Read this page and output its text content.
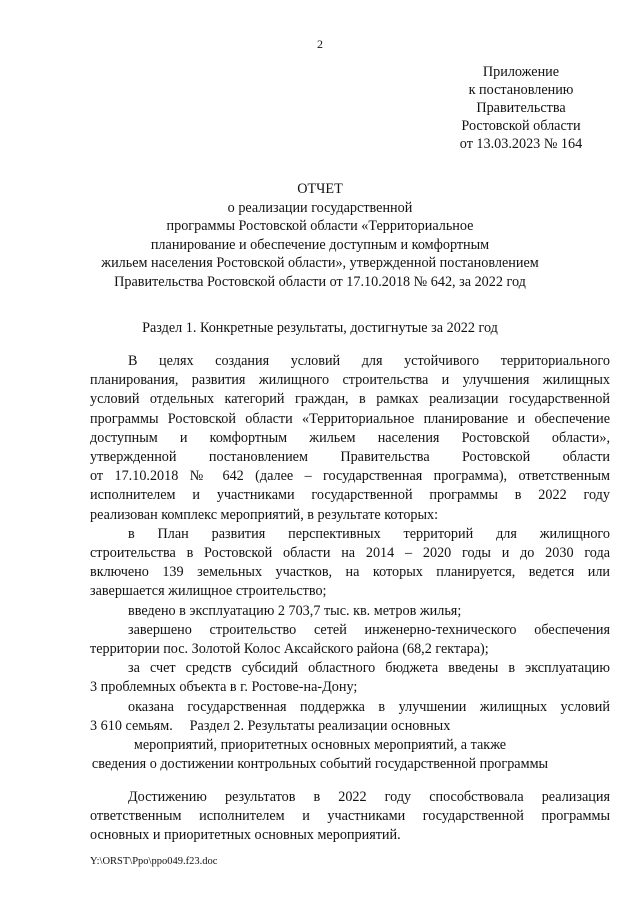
2
Приложение
к постановлению
Правительства
Ростовской области
от 13.03.2023 № 164
ОТЧЕТ
о реализации государственной
программы Ростовской области «Территориальное
планирование и обеспечение доступным и комфортным
жильем населения Ростовской области», утвержденной постановлением
Правительства Ростовской области от 17.10.2018 № 642, за 2022 год
Раздел 1. Конкретные результаты, достигнутые за 2022 год
В целях создания условий для устойчивого территориального
планирования, развития жилищного строительства и улучшения жилищных
условий отдельных категорий граждан, в рамках реализации государственной
программы Ростовской области «Территориальное планирование и обеспечение
доступным и комфортным жильем населения Ростовской области»,
утвержденной постановлением Правительства Ростовской области
от 17.10.2018 № 642 (далее – государственная программа), ответственным
исполнителем и участниками государственной программы в 2022 году
реализован комплекс мероприятий, в результате которых:
в План развития перспективных территорий для жилищного
строительства в Ростовской области на 2014 – 2020 годы и до 2030 года
включено 139 земельных участков, на которых планируется, ведется или
завершается жилищное строительство;
введено в эксплуатацию 2 703,7 тыс. кв. метров жилья;
завершено строительство сетей инженерно-технического обеспечения
территории пос. Золотой Колос Аксайского района (68,2 гектара);
за счет средств субсидий областного бюджета введены в эксплуатацию
3 проблемных объекта в г. Ростове-на-Дону;
оказана государственная поддержка в улучшении жилищных условий
3 610 семьям.	Раздел 2. Результаты реализации основных
мероприятий, приоритетных основных мероприятий, а также
сведения о достижении контрольных событий государственной программы
Достижению результатов в 2022 году способствовала реализация
ответственным исполнителем и участниками государственной программы
основных и приоритетных основных мероприятий.
Y:\ORST\Ppo\ppo049.f23.doc
